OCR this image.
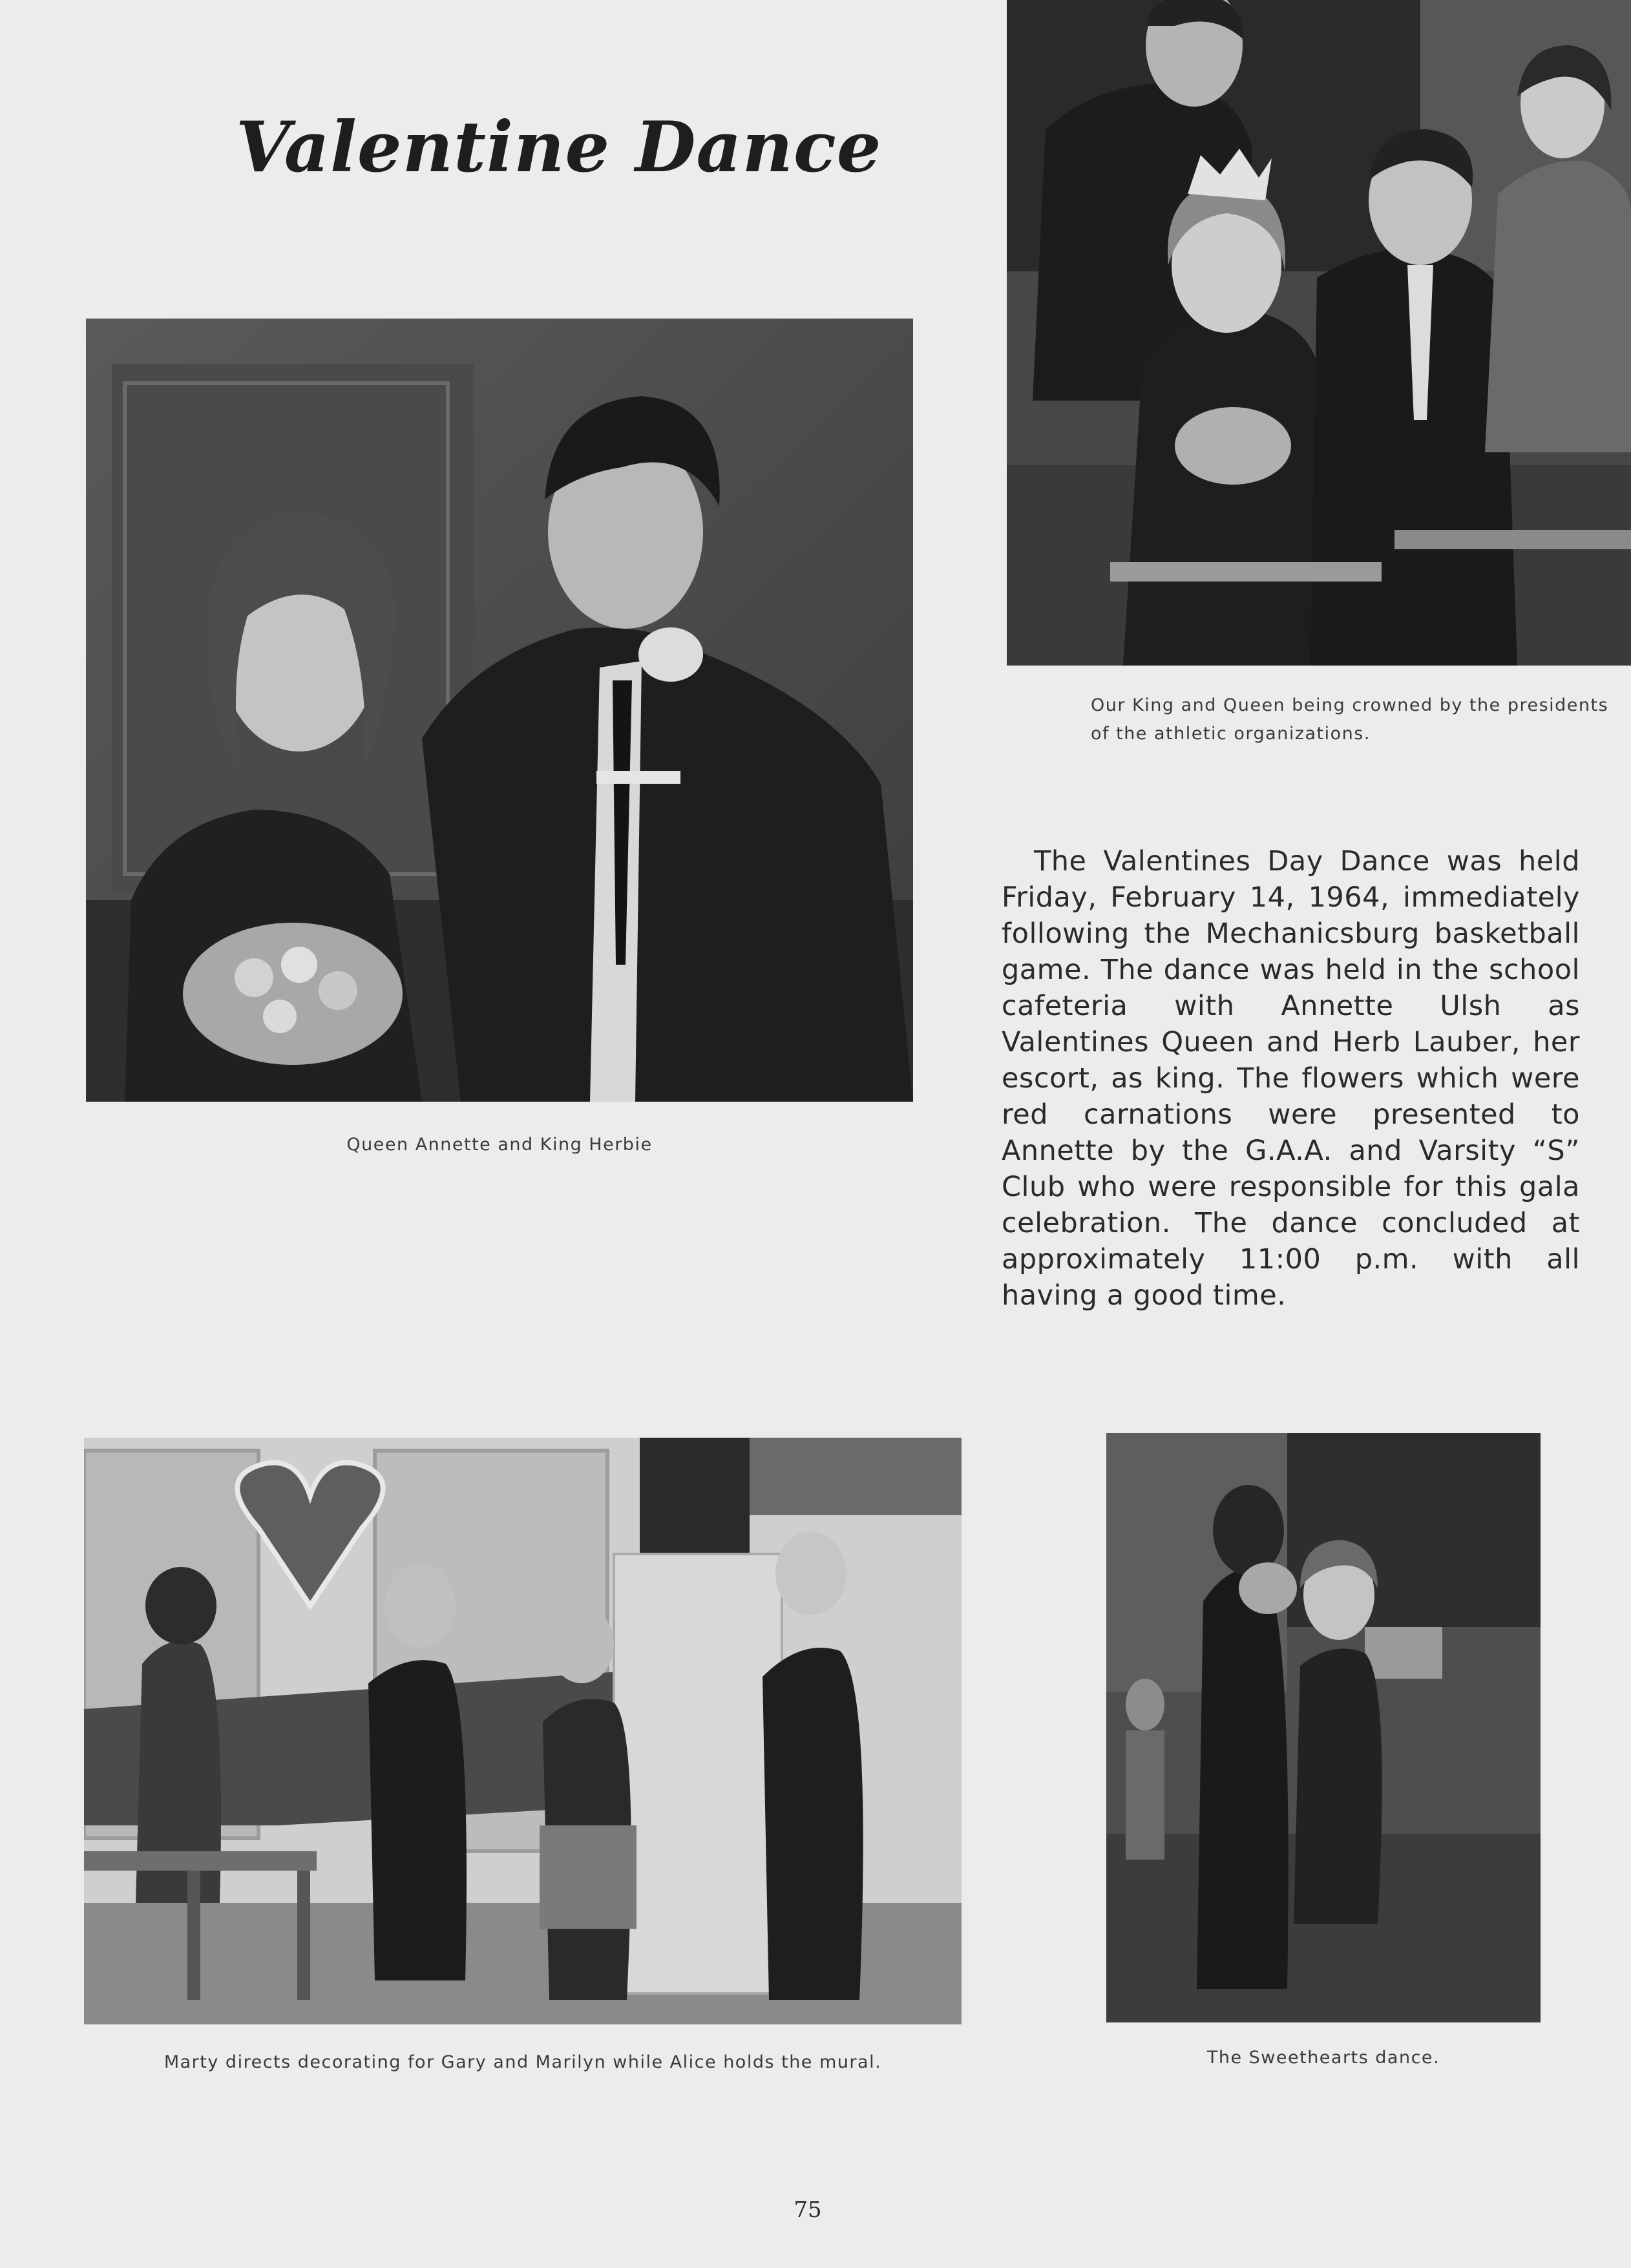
Valentine Dance
Queen Annette and King Herbie
Our King and Queen being crowned by the presidents of the athletic organizations.

The Valentines Day Dance was held Friday, February 14, 1964, immediately following the Mechanicsburg basketball game. The dance was held in the school cafeteria with Annette Ulsh as Valentines Queen and Herb Lauber, her escort, as king. The flowers which were red carnations were presented to Annette by the G.A.A. and Varsity “S” Club who were responsible for this gala celebration. The dance concluded at approximately 11:00 p.m. with all having a good time.

Marty directs decorating for Gary and Marilyn while Alice holds the mural.	The Sweethearts dance.
75
